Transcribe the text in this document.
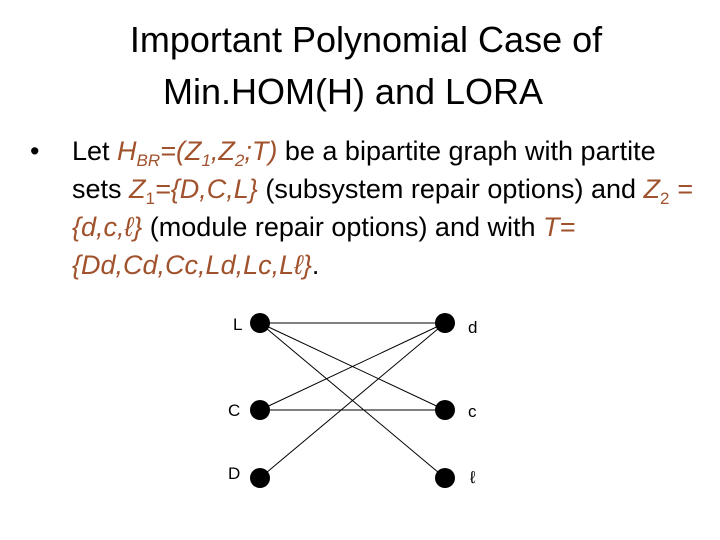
Important Polynomial Case of
Min.HOM(H) and LORA
• Let $H_{BR}=(Z_1,Z_2;T)$ be a bipartite graph with partite sets $Z_1=\{D,C,L\}$ (subsystem repair options) and $Z_2$ = {d,c,ℓ} (module repair options) and with T={Dd,Cd,Cc,Ld,Lc,Lℓ}.
L
C
D
d
c
ℓ
